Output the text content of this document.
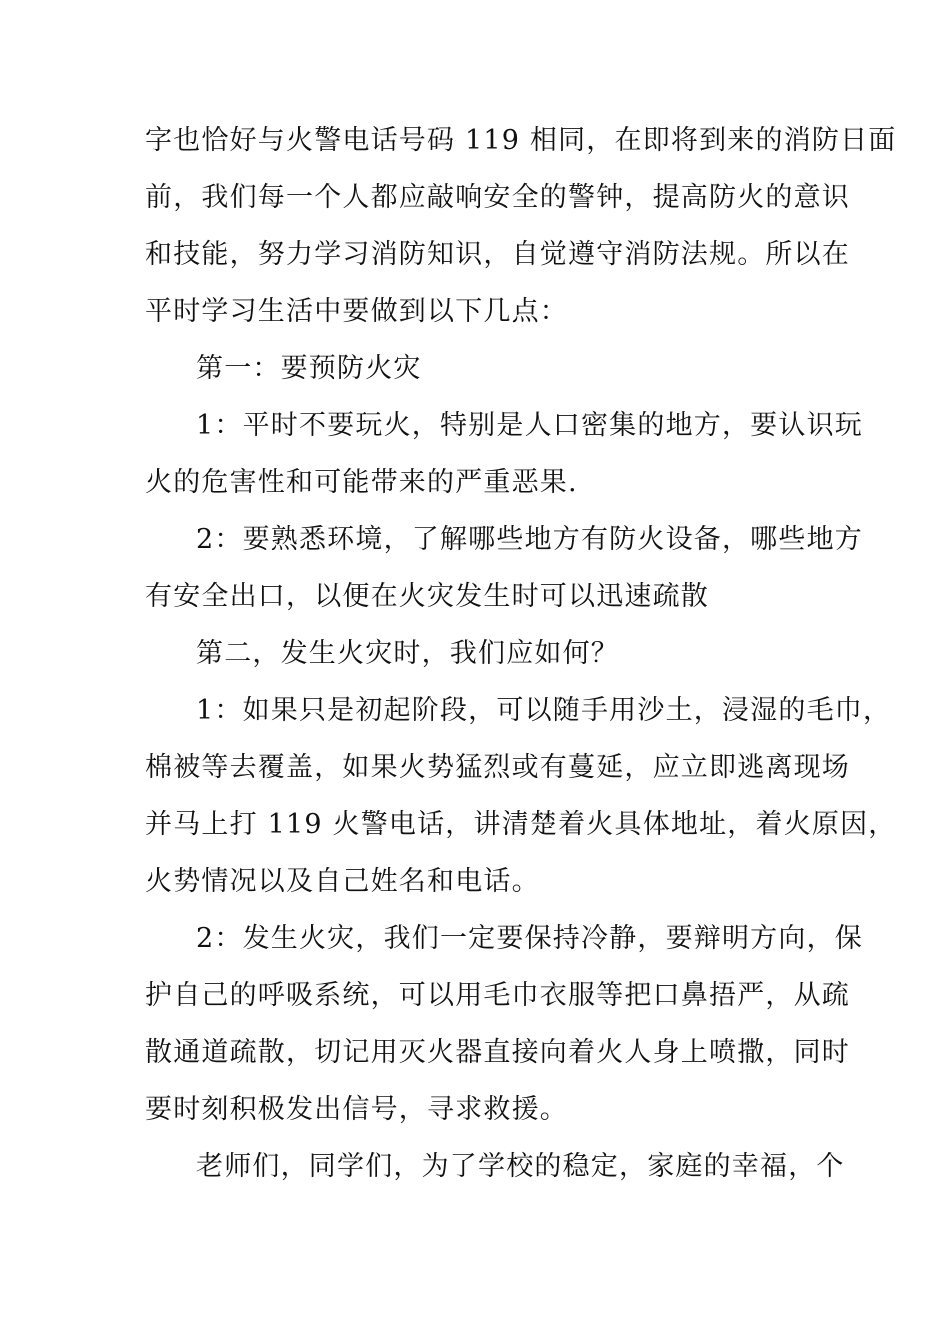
字也恰好与火警电话号码 119 相同，在即将到来的消防日面
前，我们每一个人都应敲响安全的警钟，提高防火的意识
和技能，努力学习消防知识，自觉遵守消防法规。所以在
平时学习生活中要做到以下几点：
第一：要预防火灾
1：平时不要玩火，特别是人口密集的地方，要认识玩
火的危害性和可能带来的严重恶果.
2：要熟悉环境，了解哪些地方有防火设备，哪些地方
有安全出口，以便在火灾发生时可以迅速疏散
第二，发生火灾时，我们应如何？
1：如果只是初起阶段，可以随手用沙土，浸湿的毛巾，
棉被等去覆盖，如果火势猛烈或有蔓延，应立即逃离现场
并马上打 119 火警电话，讲清楚着火具体地址，着火原因，
火势情况以及自己姓名和电话。
2：发生火灾，我们一定要保持冷静，要辩明方向，保
护自己的呼吸系统，可以用毛巾衣服等把口鼻捂严，从疏
散通道疏散，切记用灭火器直接向着火人身上喷撒，同时
要时刻积极发出信号，寻求救援。
老师们，同学们，为了学校的稳定，家庭的幸福，个
